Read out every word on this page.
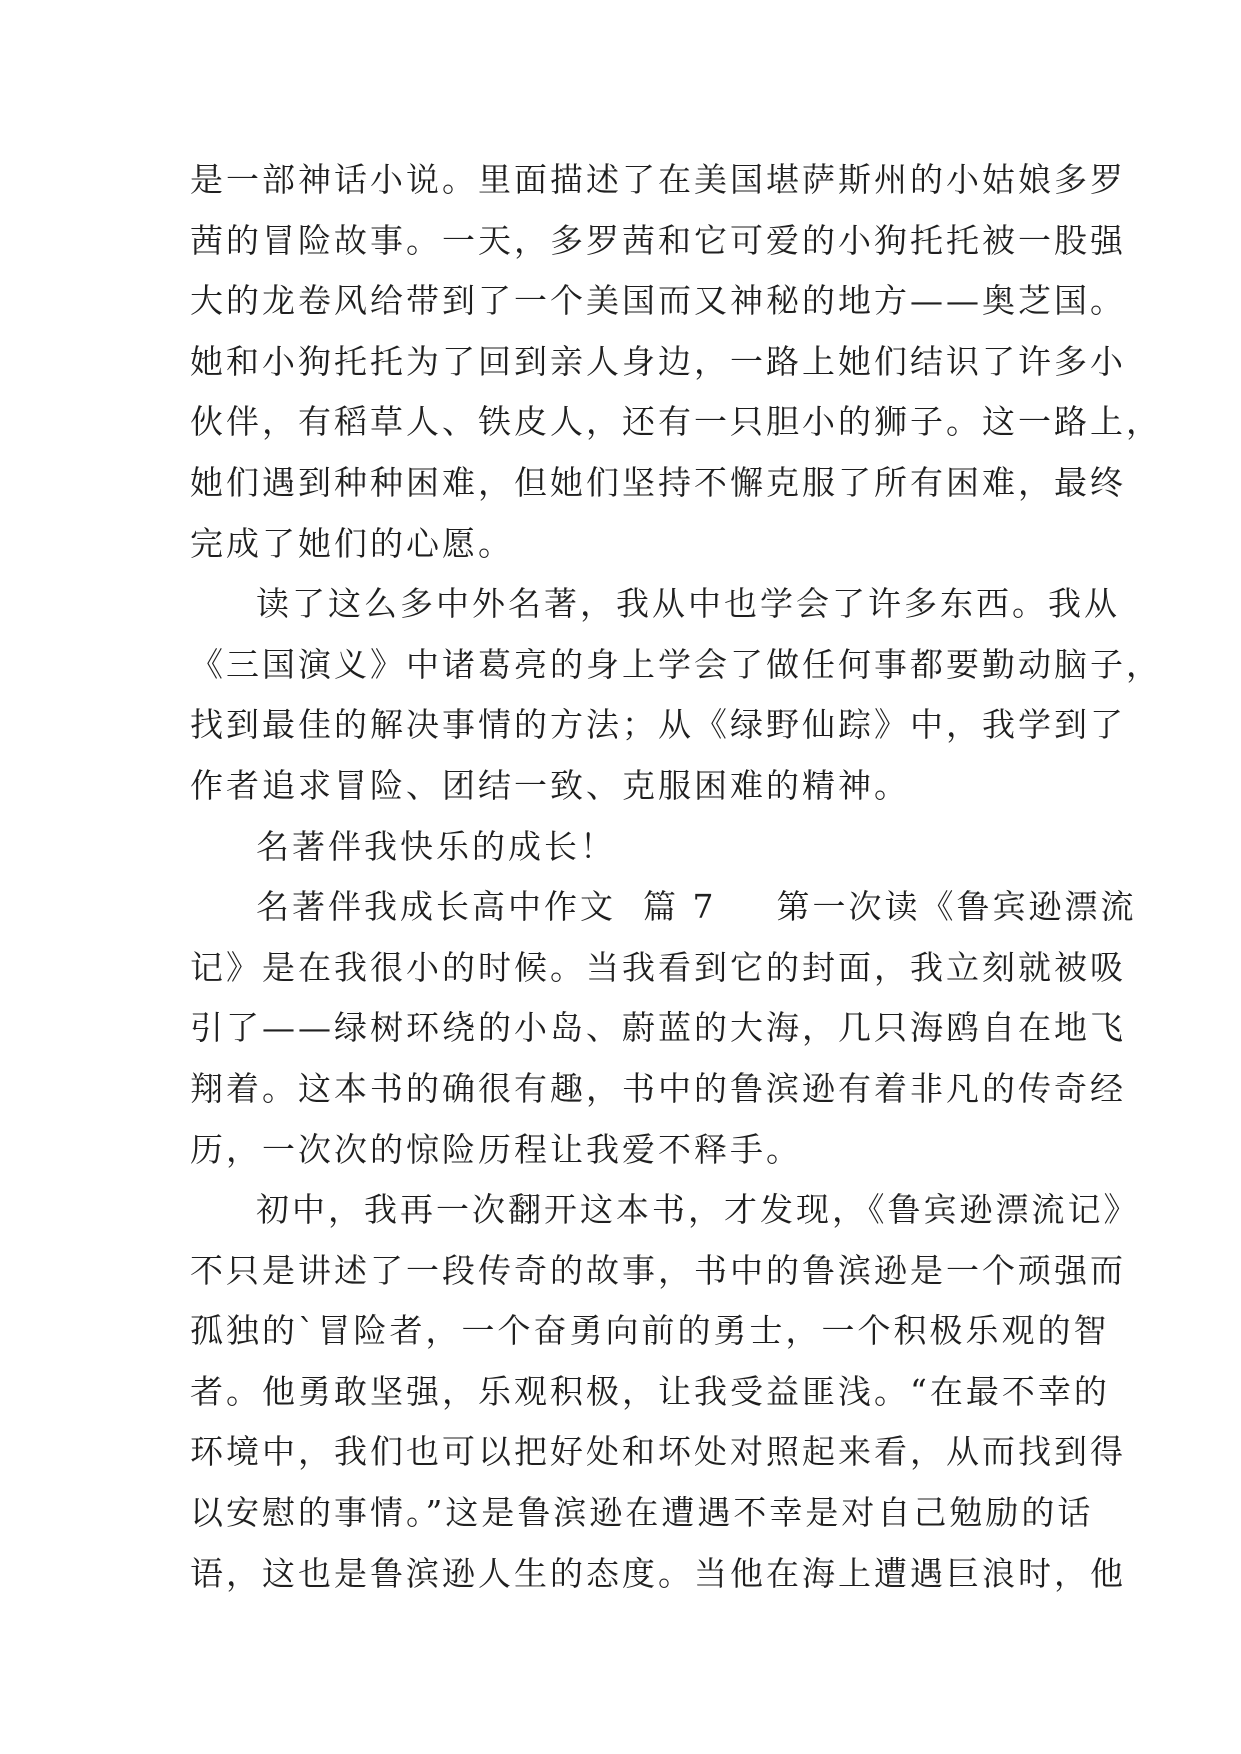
是一部神话小说。里面描述了在美国堪萨斯州的小姑娘多罗
茜的冒险故事。一天，多罗茜和它可爱的小狗托托被一股强
大的龙卷风给带到了一个美国而又神秘的地方——奥芝国。
她和小狗托托为了回到亲人身边，一路上她们结识了许多小
伙伴，有稻草人、铁皮人，还有一只胆小的狮子。这一路上，
她们遇到种种困难，但她们坚持不懈克服了所有困难，最终
完成了她们的心愿。
读了这么多中外名著，我从中也学会了许多东西。我从
《三国演义》中诸葛亮的身上学会了做任何事都要勤动脑子，
找到最佳的解决事情的方法；从《绿野仙踪》中，我学到了
作者追求冒险、团结一致、克服困难的精神。
名著伴我快乐的成长！
名著伴我成长高中作文  篇 7 第一次读《鲁宾逊漂流
记》是在我很小的时候。当我看到它的封面，我立刻就被吸
引了——绿树环绕的小岛、蔚蓝的大海，几只海鸥自在地飞
翔着。这本书的确很有趣，书中的鲁滨逊有着非凡的传奇经
历，一次次的惊险历程让我爱不释手。
初中，我再一次翻开这本书，才发现，《鲁宾逊漂流记》
不只是讲述了一段传奇的故事，书中的鲁滨逊是一个顽强而
孤独的`冒险者，一个奋勇向前的勇士，一个积极乐观的智
者。他勇敢坚强，乐观积极，让我受益匪浅。“在最不幸的
环境中，我们也可以把好处和坏处对照起来看，从而找到得
以安慰的事情。”这是鲁滨逊在遭遇不幸是对自己勉励的话
语，这也是鲁滨逊人生的态度。当他在海上遭遇巨浪时，他
